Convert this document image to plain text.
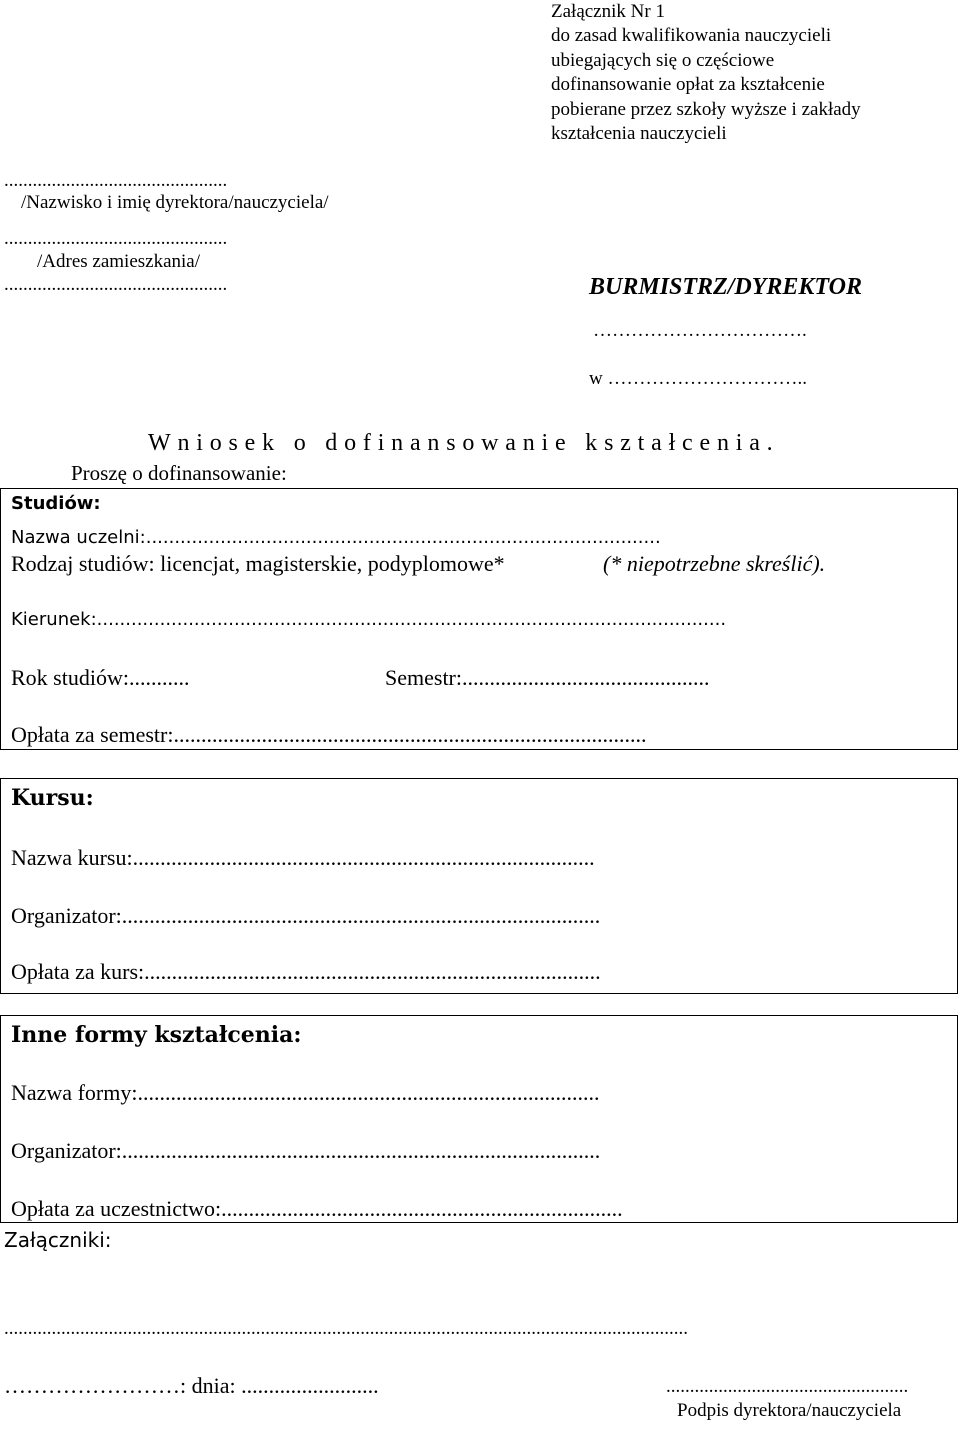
Załącznik Nr 1
do zasad kwalifikowania nauczycieli
ubiegających się o częściowe
dofinansowanie opłat za kształcenie
pobierane przez szkoły wyższe i zakłady
kształcenia nauczycieli
...............................................
/Nazwisko i imię dyrektora/nauczyciela/
...............................................
/Adres zamieszkania/
...............................................	BURMISTRZ/DYREKTOR
…………………………….
w …………………………..
Wniosek o dofinansowanie kształcenia.
Proszę o dofinansowanie:
Studiów:
Nazwa uczelni:..........................................................................................
Rodzaj studiów: licencjat, magisterskie, podyplomowe*	(* niepotrzebne skreślić).
Kierunek:..............................................................................................................
Rok studiów:...........	Semestr:.............................................
Opłata za semestr:......................................................................................
Kursu:
Nazwa kursu:....................................................................................
Organizator:.......................................................................................
Opłata za kurs:...................................................................................
Inne formy kształcenia:
Nazwa formy:....................................................................................
Organizator:.......................................................................................
Opłata za uczestnictwo:.........................................................................
Załączniki:
................................................................................................................................................
……………………: dnia: .........................	...................................................
Podpis dyrektora/nauczyciela
